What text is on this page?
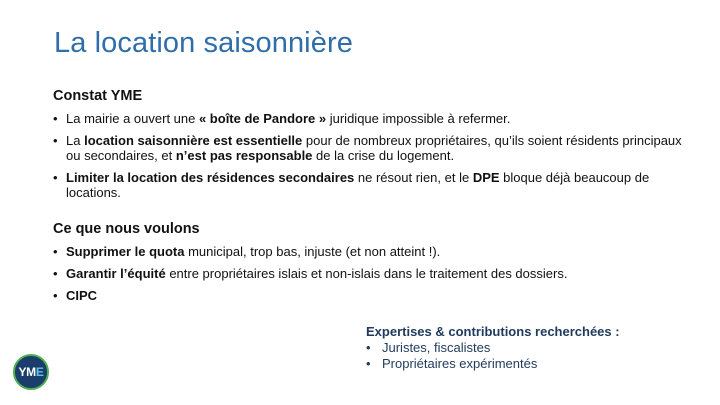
La location saisonnière
Constat YME
• La mairie a ouvert une « boîte de Pandore » juridique impossible à refermer.
• La location saisonnière est essentielle pour de nombreux propriétaires, qu’ils soient résidents principaux ou secondaires, et n’est pas responsable de la crise du logement.
• Limiter la location des résidences secondaires ne résout rien, et le DPE bloque déjà beaucoup de locations.
Ce que nous voulons
• Supprimer le quota municipal, trop bas, injuste (et non atteint !).
• Garantir l’équité entre propriétaires islais et non-islais dans le traitement des dossiers.
• CIPC
Expertises & contributions recherchées :
• Juristes, fiscalistes
• Propriétaires expérimentés
YM E
